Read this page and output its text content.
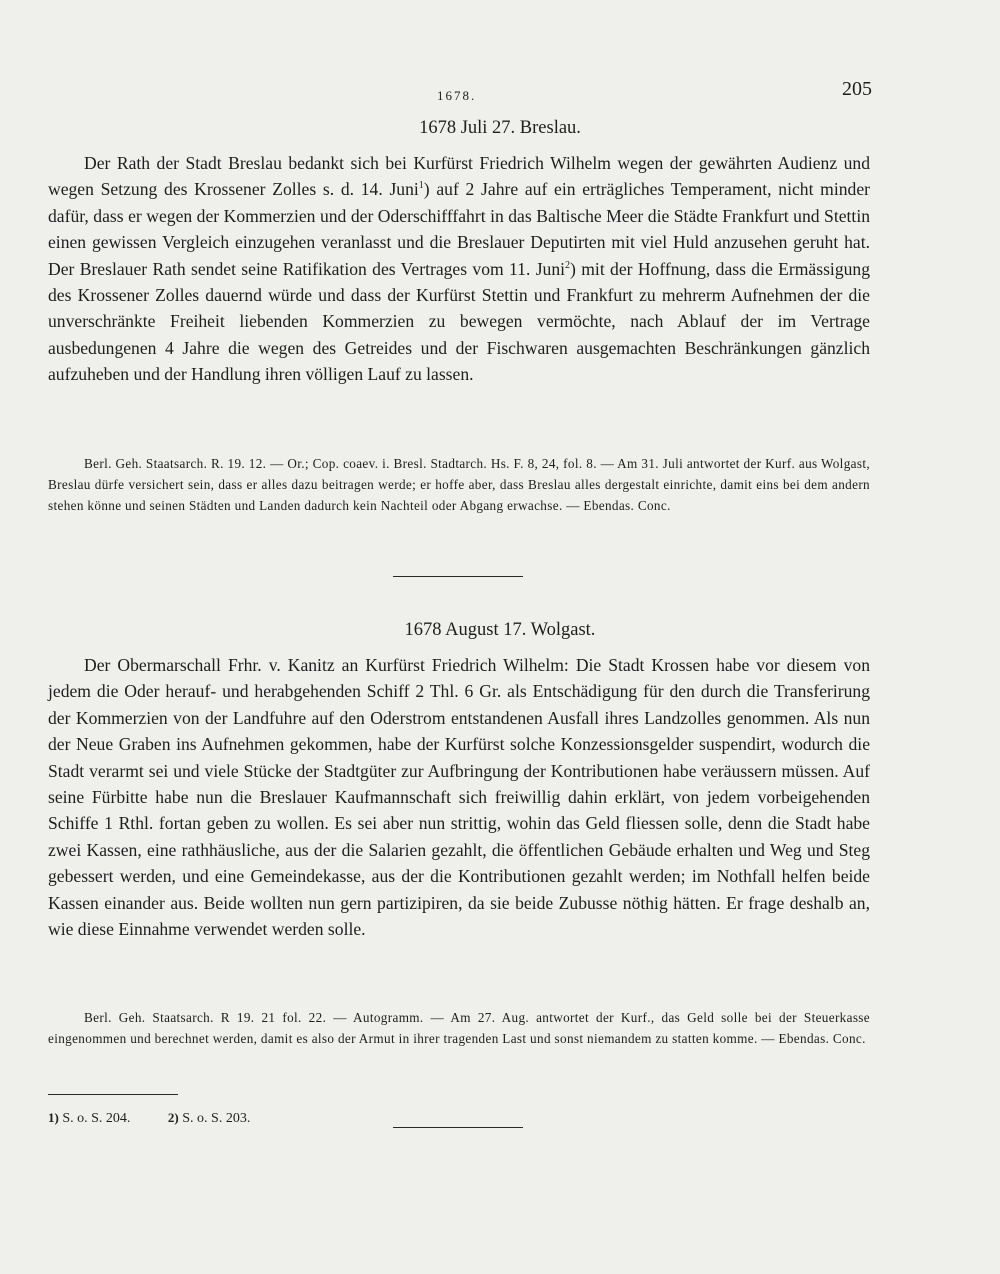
1678.	205
1678 Juli 27. Breslau.

Der Rath der Stadt Breslau bedankt sich bei Kurfürst Friedrich Wilhelm wegen der gewährten Audienz und wegen Setzung des Krossener Zolles s. d. 14. Juni$^1$) auf 2 Jahre auf ein erträgliches Temperament, nicht minder dafür, dass er wegen der Kommerzien und der Oderschifffahrt in das Baltische Meer die Städte Frankfurt und Stettin einen gewissen Vergleich einzugehen veranlasst und die Breslauer Deputirten mit viel Huld anzusehen geruht hat. Der Breslauer Rath sendet seine Ratifikation des Vertrages vom 11. Juni$^2$) mit der Hoffnung, dass die Ermässigung des Krossener Zolles dauernd würde und dass der Kurfürst Stettin und Frankfurt zu mehrerm Aufnehmen der die unverschränkte Freiheit liebenden Kommerzien zu bewegen vermöchte, nach Ablauf der im Vertrage ausbedungenen 4 Jahre die wegen des Getreides und der Fischwaren ausgemachten Beschränkungen gänzlich aufzuheben und der Handlung ihren völligen Lauf zu lassen.

Berl. Geh. Staatsarch. R. 19. 12. — Or.; Cop. coaev. i. Bresl. Stadtarch. Hs. F. 8, 24, fol. 8. — Am 31. Juli antwortet der Kurf. aus Wolgast, Breslau dürfe versichert sein, dass er alles dazu beitragen werde; er hoffe aber, dass Breslau alles dergestalt einrichte, damit eins bei dem andern stehen könne und seinen Städten und Landen dadurch kein Nachteil oder Abgang erwachse. — Ebendas. Conc.

1678 August 17. Wolgast.

Der Obermarschall Frhr. v. Kanitz an Kurfürst Friedrich Wilhelm: Die Stadt Krossen habe vor diesem von jedem die Oder herauf- und herabgehenden Schiff 2 Thl. 6 Gr. als Entschädigung für den durch die Transferirung der Kommerzien von der Landfuhre auf den Oderstrom entstandenen Ausfall ihres Landzolles genommen. Als nun der Neue Graben ins Aufnehmen gekommen, habe der Kurfürst solche Konzessionsgelder suspendirt, wodurch die Stadt verarmt sei und viele Stücke der Stadtgüter zur Aufbringung der Kontributionen habe veräussern müssen. Auf seine Fürbitte habe nun die Breslauer Kaufmannschaft sich freiwillig dahin erklärt, von jedem vorbeigehenden Schiffe 1 Rthl. fortan geben zu wollen. Es sei aber nun strittig, wohin das Geld fliessen solle, denn die Stadt habe zwei Kassen, eine rathhäusliche, aus der die Salarien gezahlt, die öffentlichen Gebäude erhalten und Weg und Steg gebessert werden, und eine Gemeindekasse, aus der die Kontributionen gezahlt werden; im Nothfall helfen beide Kassen einander aus. Beide wollten nun gern partizipiren, da sie beide Zubusse nöthig hätten. Er frage deshalb an, wie diese Einnahme verwendet werden solle.

Berl. Geh. Staatsarch. R 19. 21 fol. 22. — Autogramm. — Am 27. Aug. antwortet der Kurf., das Geld solle bei der Steuerkasse eingenommen und berechnet werden, damit es also der Armut in ihrer tragenden Last und sonst niemandem zu statten komme. — Ebendas. Conc.

1) S. o. S. 204.	2) S. o. S. 203.
